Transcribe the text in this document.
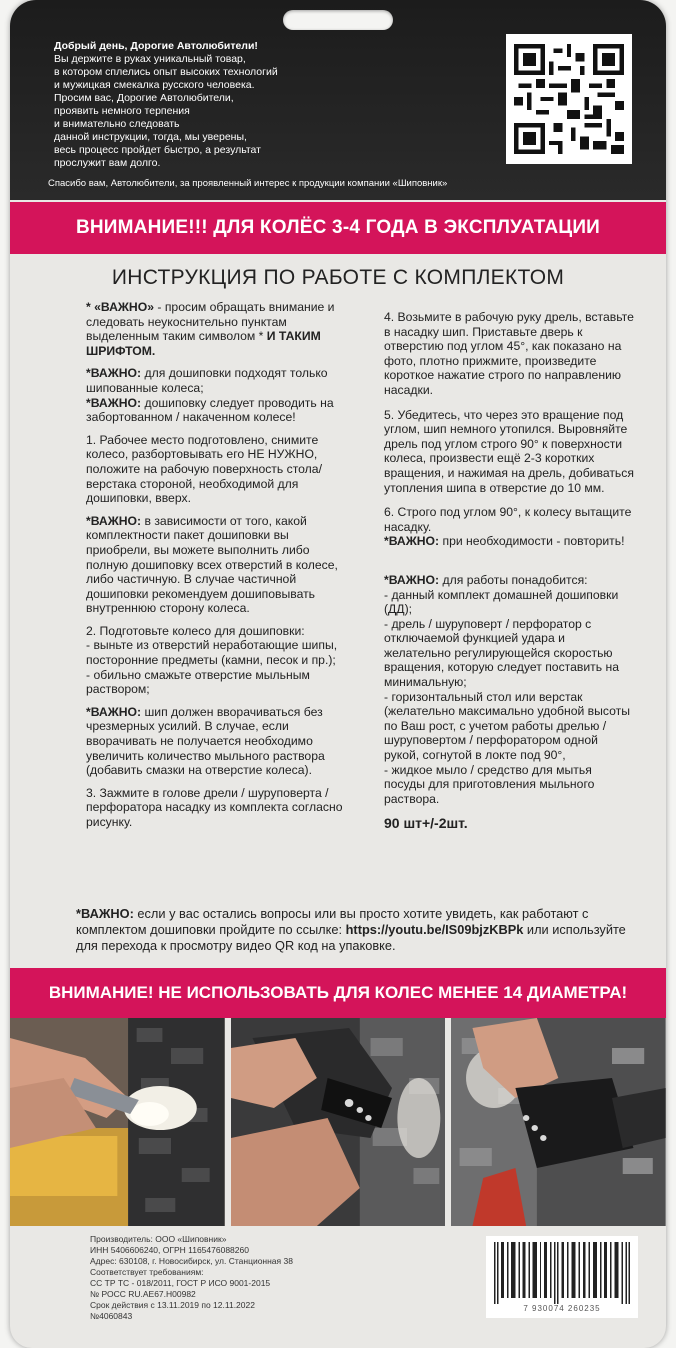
Добрый день, Дорогие Автолюбители!
Вы держите в руках уникальный товар,
в котором сплелись опыт высоких технологий
и мужицкая смекалка русского человека.
Просим вас, Дорогие Автолюбители,
проявить немного терпения
и внимательно следовать
данной инструкции, тогда, мы уверены,
весь процесс пройдет быстро, а результат
прослужит вам долго.
Спасибо вам, Автолюбители, за проявленный интерес к продукции компании «Шиповник»
ВНИМАНИЕ!!! ДЛЯ КОЛЁС 3-4 ГОДА В ЭКСПЛУАТАЦИИ
ИНСТРУКЦИЯ ПО РАБОТЕ С КОМПЛЕКТОМ

* «ВАЖНО» - просим обращать внимание и следовать неукоснительно пунктам выделенным таким символом * И ТАКИМ ШРИФТОМ.

*ВАЖНО: для дошиповки подходят только шипованные колеса;
*ВАЖНО: дошиповку следует проводить на забортованном / накаченном колесе!

1. Рабочее место подготовлено, снимите колесо, разбортовывать его НЕ НУЖНО, положите на рабочую поверхность стола/верстака стороной, необходимой для дошиповки, вверх.

*ВАЖНО: в зависимости от того, какой комплектности пакет дошиповки вы приобрели, вы можете выполнить либо полную дошиповку всех отверстий в колесе, либо частичную. В случае частичной дошиповки рекомендуем дошиповывать внутреннюю сторону колеса.

2. Подготовьте колесо для дошиповки:
- выньте из отверстий неработающие шипы, посторонние предметы (камни, песок и пр.);
- обильно смажьте отверстие мыльным раствором;

*ВАЖНО: шип должен вворачиваться без чрезмерных усилий. В случае, если вворачивать не получается необходимо увеличить количество мыльного раствора (добавить смазки на отверстие колеса).

3. Зажмите в голове дрели / шуруповерта / перфоратора насадку из комплекта согласно рисунку.

4. Возьмите в рабочую руку дрель, вставьте в насадку шип. Приставьте дверь к отверстию под углом 45°, как показано на фото, плотно прижмите, произведите короткое нажатие строго по направлению насадки.

5. Убедитесь, что через это вращение под углом, шип немного утопился. Выровняйте дрель под углом строго 90° к поверхности колеса, произвести ещё 2-3 коротких вращения, и нажимая на дрель, добиваться утопления шипа в отверстие до 10 мм.

6. Строго под углом 90°, к колесу вытащите насадку.

*ВАЖНО: при необходимости - повторить!

*ВАЖНО: для работы понадобится:
- данный комплект домашней дошиповки (ДД);
- дрель / шуруповерт / перфоратор с отключаемой функцией удара и желательно регулирующейся скоростью вращения, которую следует поставить на минимальную;
- горизонтальный стол или верстак (желательно максимально удобной высоты по Ваш рост, с учетом работы дрелью / шуруповертом / перфоратором одной рукой, согнутой в локте под 90°,
- жидкое мыло / средство для мытья посуды для приготовления мыльного раствора.

90 шт+/-2шт.
*ВАЖНО: если у вас остались вопросы или вы просто хотите увидеть, как работают с комплектом дошиповки пройдите по ссылке: https://youtu.be/IS09bjzKBPk или используйте для перехода к просмотру видео QR код на упаковке.
ВНИМАНИЕ! НЕ ИСПОЛЬЗОВАТЬ ДЛЯ КОЛЕС МЕНЕЕ 14 ДИАМЕТРА!
Производитель: ООО «Шиповник»
ИНН 5406606240, ОГРН 1165476088260
Адрес: 630108, г. Новосибирск, ул. Станционная 38
Соответствует требованиям:
СС ТР ТС - 018/2011, ГОСТ Р ИСО 9001-2015
№ РОСС RU.АЕ67.Н00982
Срок действия с 13.11.2019 по 12.11.2022
№4060843
7 930074 260235
